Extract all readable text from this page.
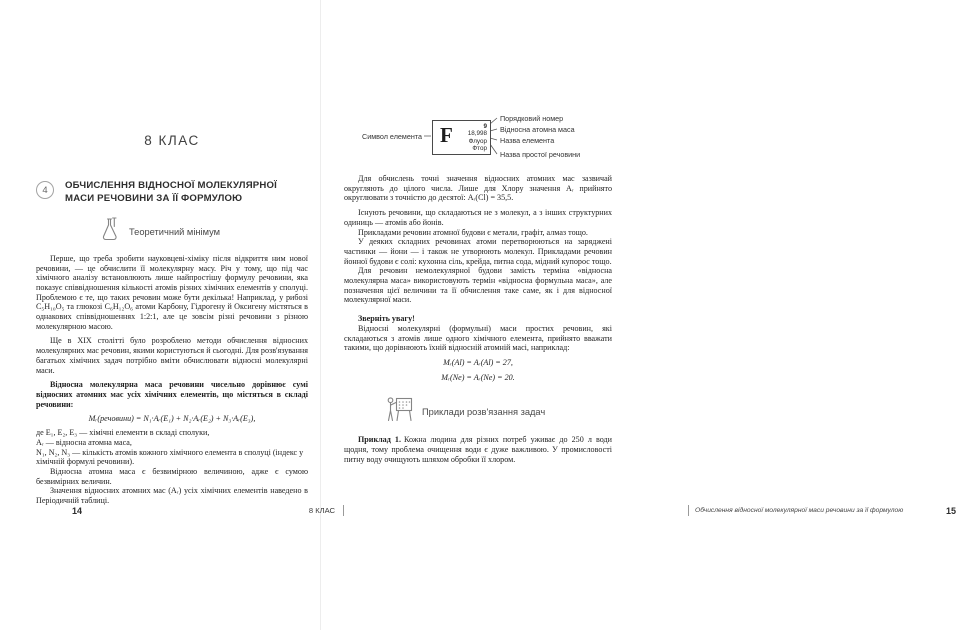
8 КЛАС
4	ОБЧИСЛЕННЯ ВІДНОСНОЇ МОЛЕКУЛЯРНОЇ МАСИ РЕЧОВИНИ ЗА ЇЇ ФОРМУЛОЮ
Теоретичний мінімум

Перше, що треба зробити науковцеві-хіміку після відкриття ним нової речовини, — це обчислити її молекулярну масу. Річ у тому, що під час хімічного аналізу встановлюють лише найпростішу формулу речовини, яка показує співвідношення кількості атомів різних хімічних елементів у сполуці. Проблемою є те, що таких речовин може бути декілька! Наприклад, у рибозі C₅H₁₀O₅ та глюкозі C₆H₁₂O₆ атоми Карбону, Гідрогену й Оксигену містяться в однакових співвідношеннях 1:2:1, але це зовсім різні речовини з різною молекулярною масою.

Ще в XIX столітті було розроблено методи обчислення відносних молекулярних мас речовин, якими користуються й сьогодні. Для розв'язування багатьох хімічних задач потрібно вміти обчислювати відносні молекулярні маси.

Відносна молекулярна маса речовини чисельно дорівнює сумі відносних атомних мас усіх хімічних елементів, що містяться в складі речовини:

Mᵣ(речовини) = N₁·Aᵣ(E₁) + N₂·Aᵣ(E₂) + N₃·Aᵣ(E₃),

де E₁, E₂, E₃ — хімічні елементи в складі сполуки,

Aᵣ — відносна атомна маса,

N₁, N₂, N₃ — кількість атомів кожного хімічного елемента в сполуці (індекс у хімічній формулі речовини).

Відносна атомна маса є безвимірною величиною, адже є сумою безвимірних величин.

Значення відносних атомних мас (Aᵣ) усіх хімічних елементів наведено в Періодичній таблиці.

14	8 КЛАС
Символ елемента F	9
18,998
Флуор
Фтор
Порядковий номер
Відносна атомна маса
Назва елемента
Назва простої речовини

Для обчислень точні значення відносних атомних мас зазвичай округляють до цілого числа. Лише для Хлору значення Aᵣ прийнято округлювати з точністю до десятої: Aᵣ(Cl) = 35,5.

Існують речовини, що складаються не з молекул, а з інших структурних одиниць — атомів або йонів.

Прикладами речовин атомної будови є метали, графіт, алмаз тощо.

У деяких складних речовинах атоми перетворюються на заряджені частинки — йони — і також не утворюють молекул. Прикладами речовин йонної будови є солі: кухонна сіль, крейда, питна сода, мідний купорос тощо.

Для речовин немолекулярної будови замість терміна «відносна молекулярна маса» використовують термін «відносна формульна маса», але позначення цієї величини та її обчислення таке саме, як і для відносної молекулярної маси.

Зверніть увагу!

Відносні молекулярні (формульні) маси простих речовин, які складаються з атомів лише одного хімічного елемента, прийнято вважати такими, що дорівнюють їхній відносній атомній масі, наприклад:

Mᵣ(Al) = Aᵣ(Al) = 27,

Mᵣ(Ne) = Aᵣ(Ne) = 20.

Приклади розв'язання задач

Приклад 1. Кожна людина для різних потреб уживає до 250 л води щодня, тому проблема очищення води є дуже важливою. У промисловості питну воду очищують шляхом обробки її хлором.

Обчислення відносної молекулярної маси речовини за її формулою	15
